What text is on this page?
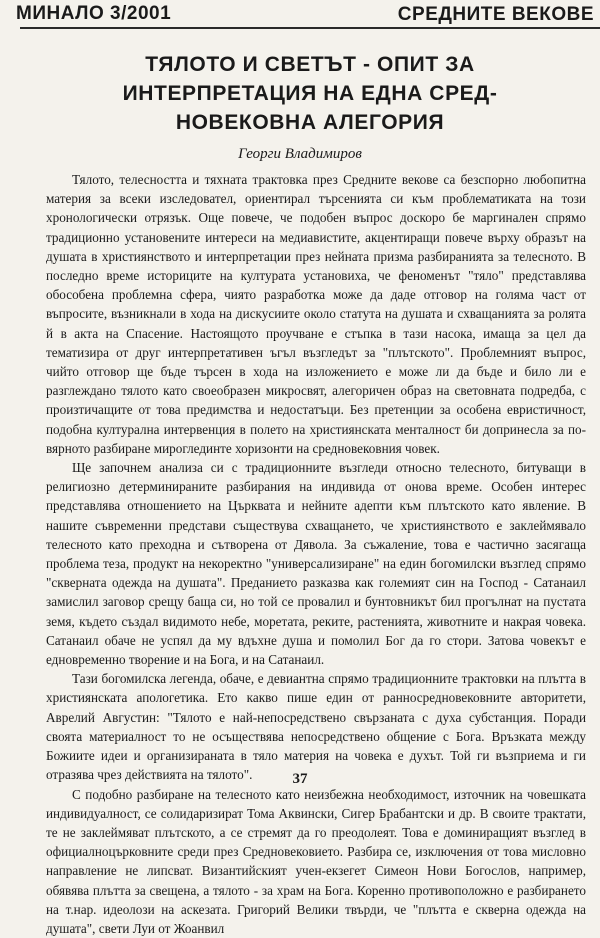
МИНАЛО 3/2001	СРЕДНИТЕ ВЕКОВЕ
ТЯЛОТО И СВЕТЪТ - ОПИТ ЗА
ИНТЕРПРЕТАЦИЯ НА ЕДНА СРЕД-
НОВЕКОВНА АЛЕГОРИЯ
Георги Владимиров

Тялото, телесността и тяхната трактовка през Средните векове са безспорно любопитна материя за всеки изследовател, ориентирал търсенията си към проблематиката на този хронологически отрязък. Още повече, че подобен въпрос доскоро бе маргинален спрямо традиционно установените интереси на медиавистите, акцентиращи повече върху образът на душата в християнството и интерпретации през нейната призма разбиранията за телесното. В последно време историците на културата установиха, че феноменът "тяло" представлява обособена проблемна сфера, чиято разработка може да даде отговор на голяма част от въпросите, възникнали в хода на дискусиите около статута на душата и схващанията за ролята й в акта на Спасение. Настоящото проучване е стъпка в тази насока, имаща за цел да тематизира от друг интерпретативен ъгъл възгледът за "плътското". Проблемният въпрос, чийто отговор ще бъде търсен в хода на изложението е може ли да бъде и било ли е разглеждано тялото като своеобразен микросвят, алегоричен образ на световната подредба, с произтичащите от това предимства и недостатъци. Без претенции за особена евристичност, подобна културална интервенция в полето на християнската менталност би допринесла за по-вярното разбиране мироглединте хоризонти на средновековния човек.

Ще започнем анализа си с традиционните възгледи относно телесното, битуващи в религиозно детерминираните разбирания на индивида от онова време. Особен интерес представлява отношението на Църквата и нейните адепти към плътското като явление. В нашите съвременни представи съществува схващането, че християнството е заклеймявало телесното като преходна и сътворена от Дявола. За съжаление, това е частично засягаща проблема теза, продукт на некоректно "универсализиране" на един богомилски възглед спрямо "скверната одежда на душата". Преданието разказва как големият син на Господ - Сатанаил замислил заговор срещу баща си, но той се провалил и бунтовникът бил прогълнат на пустата земя, където създал видимото небе, моретата, реките, растенията, животните и накрая човека. Сатанаил обаче не успял да му вдъхне душа и помолил Бог да го стори. Затова човекът е едновременно творение и на Бога, и на Сатанаил.

Тази богомилска легенда, обаче, е девиантна спрямо традиционните трактовки на плътта в християнската апологетика. Ето какво пише един от ранносредновековните авторитети, Аврелий Августин: "Тялото е най-непосредствено свързаната с духа субстанция. Поради своята материалност то не осъществява непосредствено общение с Бога. Връзката между Божиите идеи и организираната в тяло материя на човека е духът. Той ги възприема и ги отразява чрез действията на тялото".

С подобно разбиране на телесното като неизбежна необходимост, източник на човешката индивидуалност, се солидаризират Тома Аквински, Сигер Брабантски и др. В своите трактати, те не заклеймяват плътското, а се стремят да го преодолеят. Това е доминиращият възглед в официалноцърковните среди през Средновековието. Разбира се, изключения от това мисловно направление не липсват. Византийският учен-екзегет Симеон Нови Богослов, например, обявява плътта за свещена, а тялото - за храм на Бога. Коренно противоположно е разбирането на т.нар. идеолози на аскезата. Григорий Велики твърди, че "плътта е скверна одежда на душата", свети Луи от Жоанвил

37
